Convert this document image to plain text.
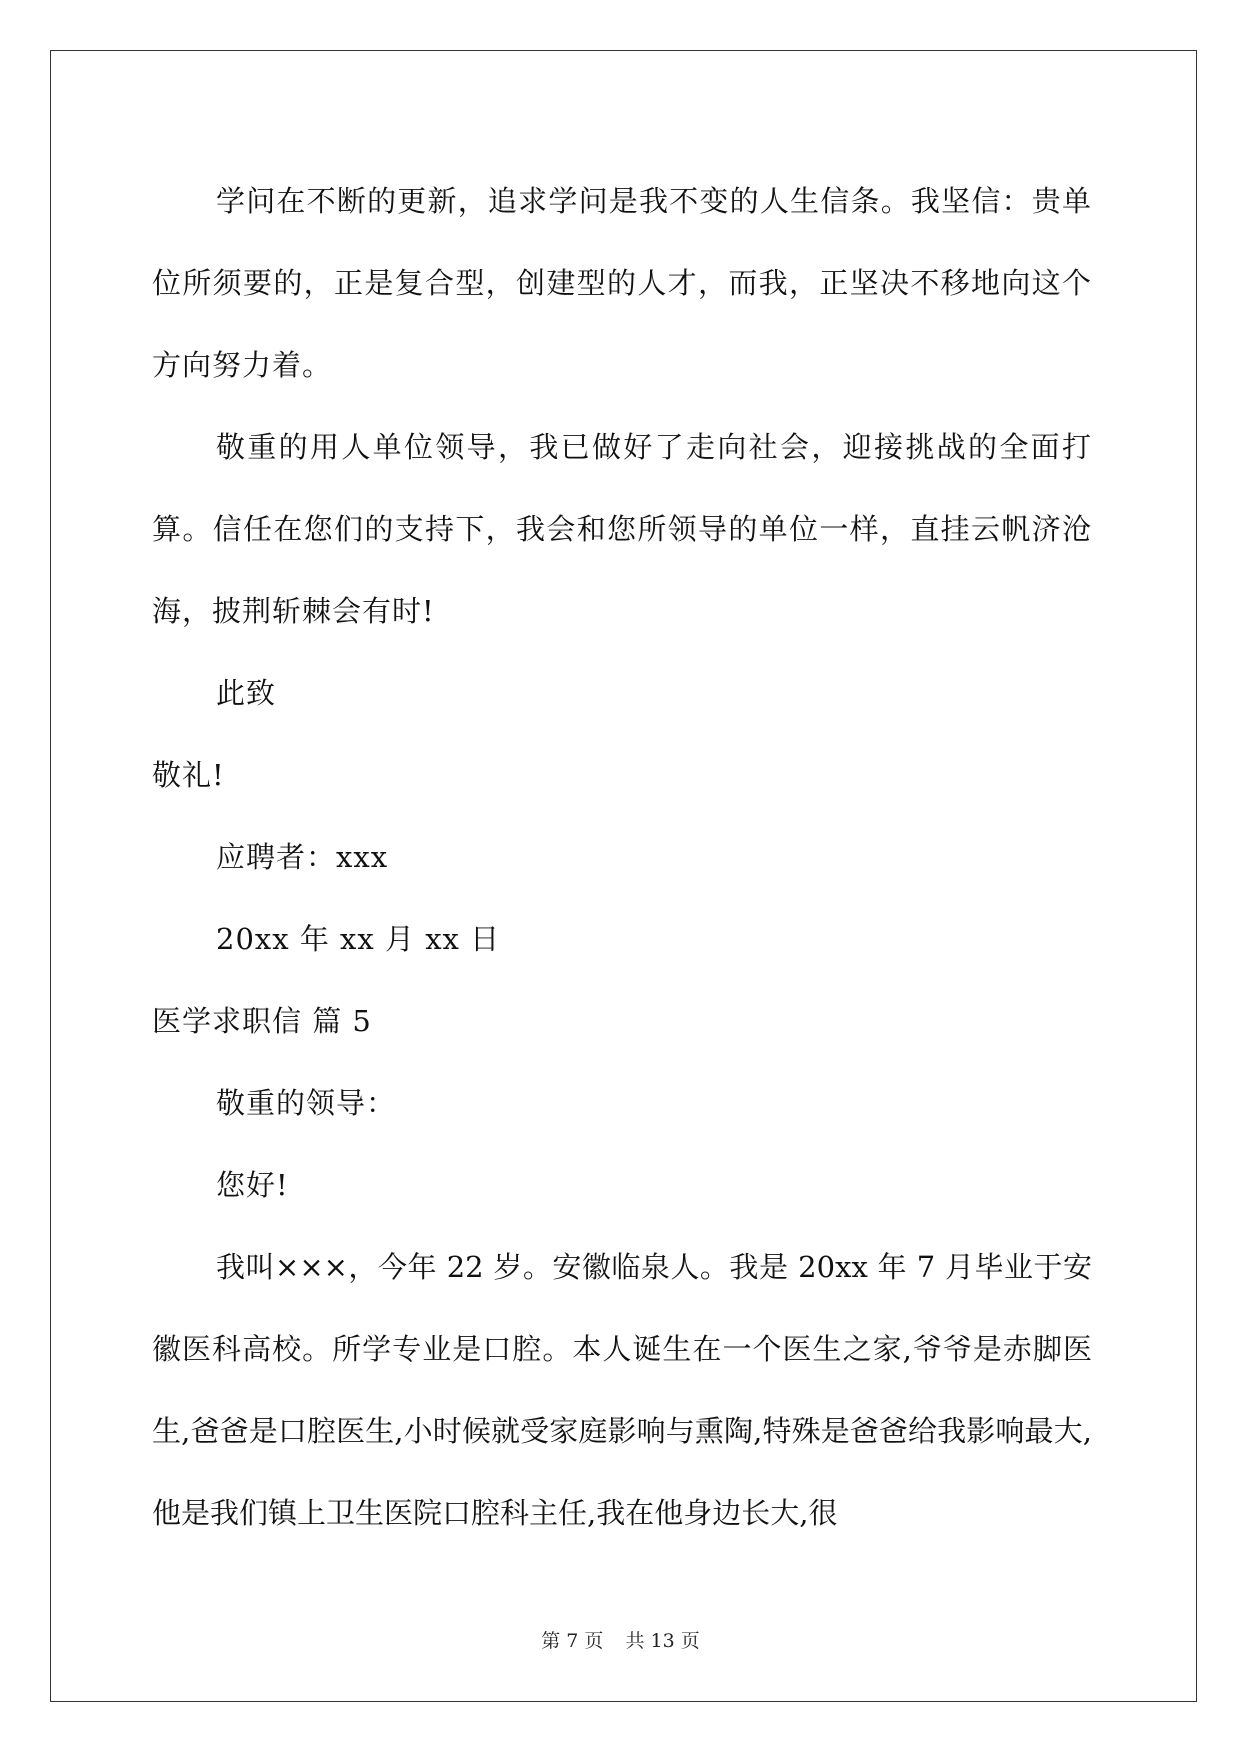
学问在不断的更新，追求学问是我不变的人生信条。我坚信：贵单位所须要的，正是复合型，创建型的人才，而我，正坚决不移地向这个方向努力着。

敬重的用人单位领导，我已做好了走向社会，迎接挑战的全面打算。信任在您们的支持下，我会和您所领导的单位一样，直挂云帆济沧海，披荆斩棘会有时!

此致

敬礼!

应聘者：xxx

20xx 年 xx 月 xx 日

医学求职信 篇 5

敬重的领导：

您好!

我叫×××，今年 22 岁。安徽临泉人。我是 20xx 年 7 月毕业于安徽医科高校。所学专业是口腔。本人诞生在一个医生之家,爷爷是赤脚医生,爸爸是口腔医生,小时候就受家庭影响与熏陶,特殊是爸爸给我影响最大,他是我们镇上卫生医院口腔科主任,我在他身边长大,很

第 7 页 共 13 页
